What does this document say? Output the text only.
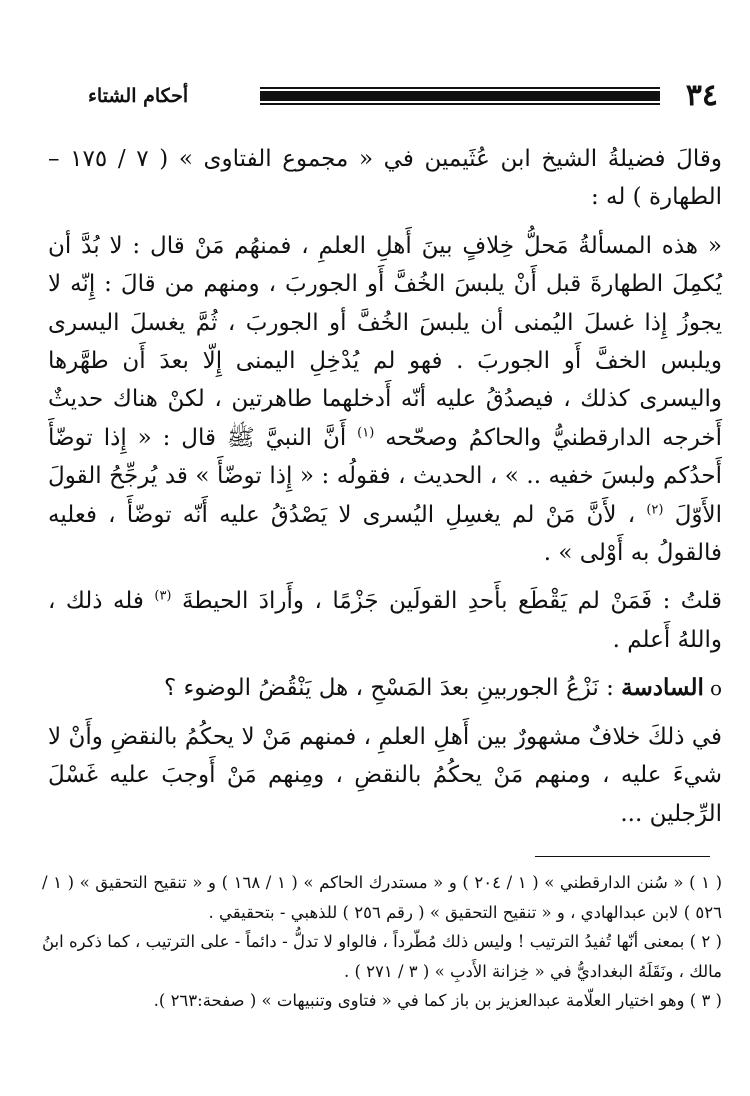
٣٤
أحكام الشتاء

وقالَ فضيلةُ الشيخ ابن عُثَيمين في « مجموع الفتاوى » ( ٧ / ١٧٥ – الطهارة ) له :

« هذه المسألةُ مَحلُّ خِلافٍ بينَ أَهلِ العلمِ ، فمنهُم مَنْ قال : لا بُدَّ أن يُكمِلَ الطهارةَ قبل أَنْ يلبسَ الخُفَّ أَو الجوربَ ، ومنهم من قالَ : إِنّه لا يجوزُ إِذا غسلَ اليُمنى أن يلبسَ الخُفَّ أو الجوربَ ، ثُمَّ يغسلَ اليسرى ويلبس الخفَّ أَو الجوربَ . فهو لم يُدْخِلِ اليمنى إِلّا بعدَ أَن طهَّرها واليسرى كذلك ، فيصدُقُ عليه أنّه أَدخلهما طاهرتين ، لكنْ هناك حديثٌ أَخرجه الدارقطنيُّ والحاكمُ وصحّحه $^{(١)}$ أَنَّ النبيَّ ﷺ قال : « إِذا توضّأَ أَحدُكم ولبسَ خفيه .. » ، الحديث ، فقولُه : « إِذا توضّأَ » قد يُرجِّحُ القولَ الأَوّلَ $^{(٢)}$ ، لأَنَّ مَنْ لم يغسِلِ اليُسرى لا يَصْدُقُ عليه أَنّه توضّأَ ، فعليه فالقولُ به أَوْلى » .

قلتُ : فَمَنْ لم يَقْطَع بأَحدِ القولَين جَزْمًا ، وأَرادَ الحيطةَ $^{(٣)}$ فله ذلك ، واللهُ أَعلم .

oالسادسة : نَزْعُ الجوربينِ بعدَ المَسْحِ ، هل يَنْقُضُ الوضوء ؟

في ذلكَ خلافٌ مشهورٌ بين أَهلِ العلمِ ، فمنهم مَنْ لا يحكُمُ بالنقضِ وأَنْ لا شيءَ عليه ، ومنهم مَنْ يحكُمُ بالنقضِ ، ومِنهم مَنْ أَوجبَ عليه غَسْلَ الرِّجلين ...

( ١ ) « سُنن الدارقطني » ( ١ / ٢٠٤ ) و « مستدرك الحاكم » ( ١ / ١٦٨ ) و « تنقيح التحقيق » ( ١ / ٥٢٦ ) لابن عبدالهادي ، و « تنقيح التحقيق » ( رقم ٢٥٦ ) للذهبي - بتحقيقي .

( ٢ ) بمعنى أنّها تُفيدُ الترتيب ! وليس ذلك مُطّرداً ، فالواو لا تدلُّ - دائماً - على الترتيب ، كما ذكره ابنُ مالك ، ونَقَلَهُ البغداديُّ في « خِزانة الأَدبِ » ( ٣ / ٢٧١ ) .

( ٣ ) وهو اختيار العلّامة عبدالعزيز بن باز كما في « فتاوى وتنبيهات » ( صفحة:٢٦٣ ).
